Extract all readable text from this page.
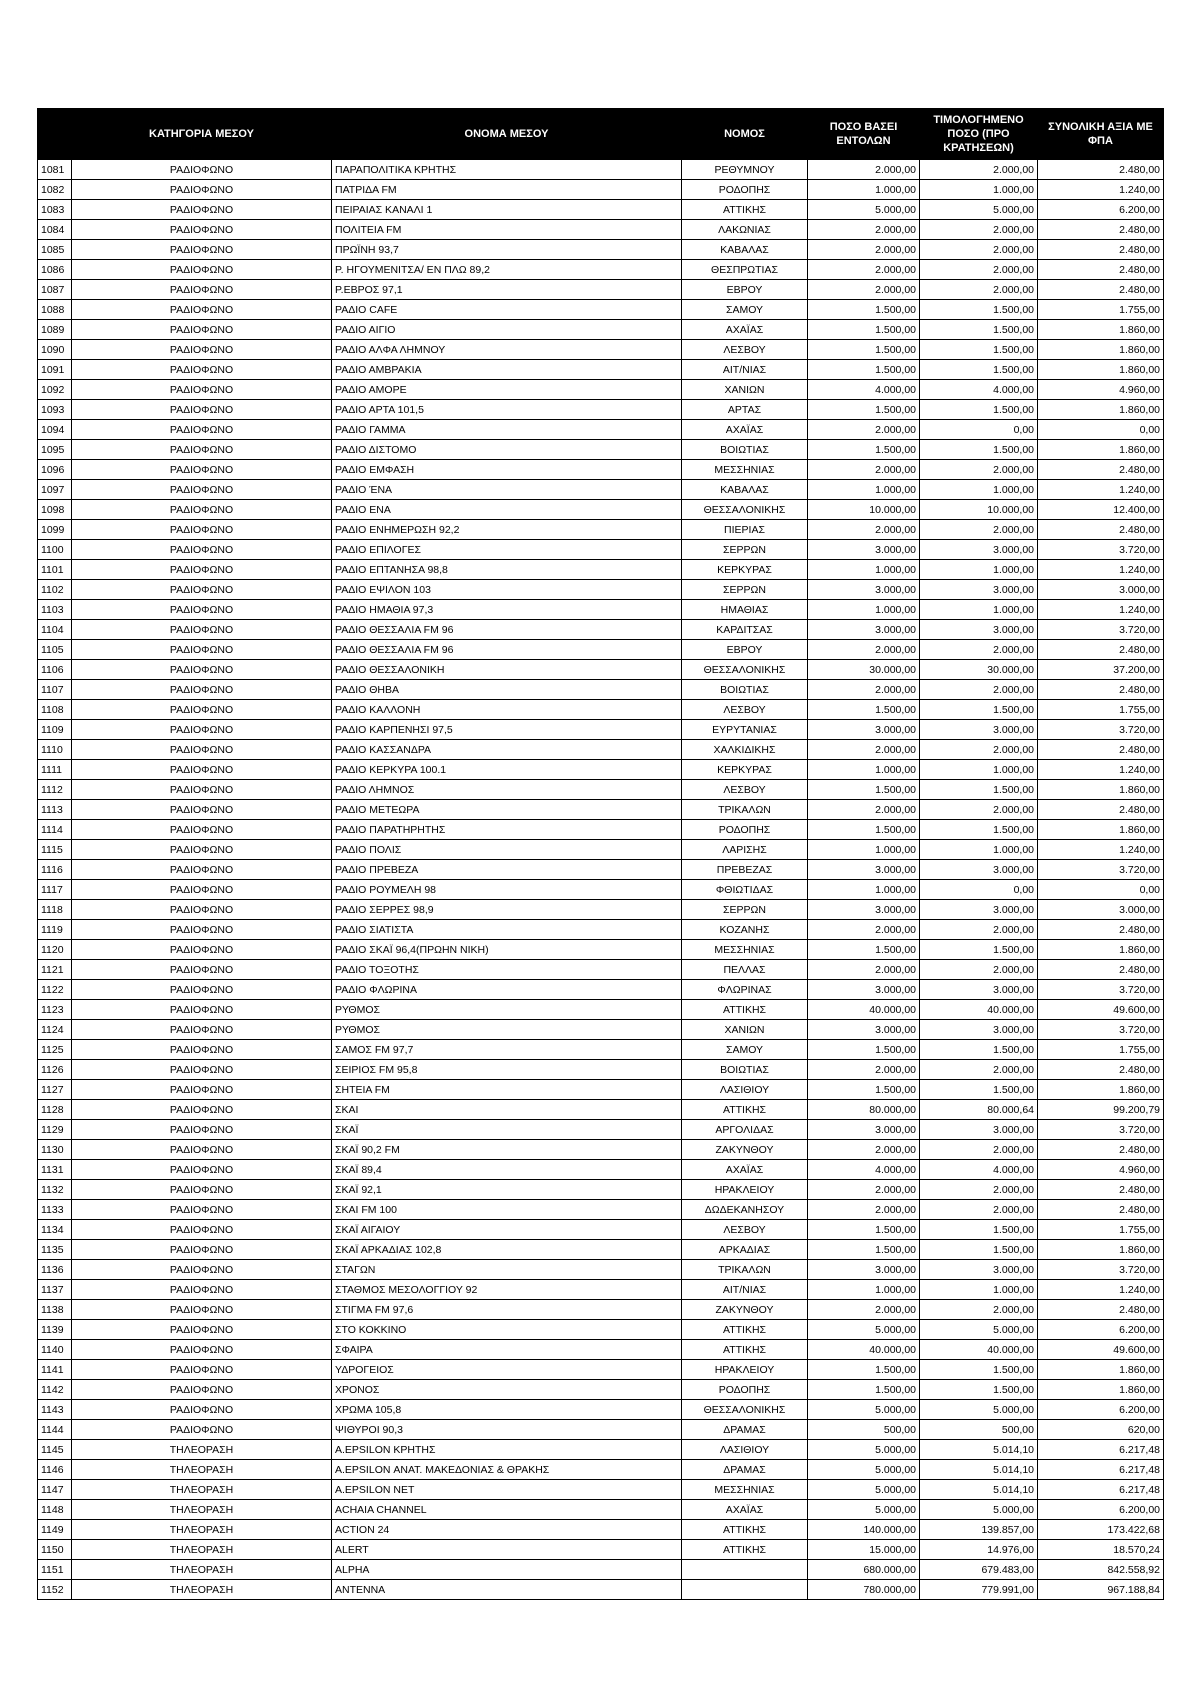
	ΚΑΤΗΓΟΡΙΑ ΜΕΣΟΥ	ΟΝΟΜΑ ΜΕΣΟΥ	ΝΟΜΟΣ	ΠΟΣΟ ΒΑΣΕΙ ΕΝΤΟΛΩΝ	ΤΙΜΟΛΟΓΗΜΕΝΟ ΠΟΣΟ (ΠΡΟ ΚΡΑΤΗΣΕΩΝ)	ΣΥΝΟΛΙΚΗ ΑΞΙΑ ΜΕ ΦΠΑ
1081	ΡΑΔΙΟΦΩΝΟ	ΠΑΡΑΠΟΛΙΤΙΚΑ ΚΡΗΤΗΣ	ΡΕΘΥΜΝΟΥ	2.000,00	2.000,00	2.480,00
1082	ΡΑΔΙΟΦΩΝΟ	ΠΑΤΡΙΔΑ FM	ΡΟΔΟΠΗΣ	1.000,00	1.000,00	1.240,00
1083	ΡΑΔΙΟΦΩΝΟ	ΠΕΙΡΑΙΑΣ ΚΑΝΑΛΙ 1	ΑΤΤΙΚΗΣ	5.000,00	5.000,00	6.200,00
1084	ΡΑΔΙΟΦΩΝΟ	ΠΟΛΙΤΕΙΑ FM	ΛΑΚΩΝΙΑΣ	2.000,00	2.000,00	2.480,00
1085	ΡΑΔΙΟΦΩΝΟ	ΠΡΩΪΝΗ 93,7	ΚΑΒΑΛΑΣ	2.000,00	2.000,00	2.480,00
1086	ΡΑΔΙΟΦΩΝΟ	Ρ. ΗΓΟΥΜΕΝΙΤΣΑ/ ΕΝ ΠΛΩ 89,2	ΘΕΣΠΡΩΤΙΑΣ	2.000,00	2.000,00	2.480,00
1087	ΡΑΔΙΟΦΩΝΟ	Ρ.ΕΒΡΟΣ 97,1	ΕΒΡΟΥ	2.000,00	2.000,00	2.480,00
1088	ΡΑΔΙΟΦΩΝΟ	ΡΑΔΙΟ CAFE	ΣΑΜΟΥ	1.500,00	1.500,00	1.755,00
1089	ΡΑΔΙΟΦΩΝΟ	ΡΑΔΙΟ ΑΙΓΙΟ	ΑΧΑΪΑΣ	1.500,00	1.500,00	1.860,00
1090	ΡΑΔΙΟΦΩΝΟ	ΡΑΔΙΟ ΑΛΦΑ ΛΗΜΝΟΥ	ΛΕΣΒΟΥ	1.500,00	1.500,00	1.860,00
1091	ΡΑΔΙΟΦΩΝΟ	ΡΑΔΙΟ ΑΜΒΡΑΚΙΑ	ΑΙΤ/ΝΙΑΣ	1.500,00	1.500,00	1.860,00
1092	ΡΑΔΙΟΦΩΝΟ	ΡΑΔΙΟ ΑΜΟΡΕ	ΧΑΝΙΩΝ	4.000,00	4.000,00	4.960,00
1093	ΡΑΔΙΟΦΩΝΟ	ΡΑΔΙΟ ΑΡΤΑ 101,5	ΑΡΤΑΣ	1.500,00	1.500,00	1.860,00
1094	ΡΑΔΙΟΦΩΝΟ	ΡΑΔΙΟ ΓΑΜΜΑ	ΑΧΑΪΑΣ	2.000,00	0,00	0,00
1095	ΡΑΔΙΟΦΩΝΟ	ΡΑΔΙΟ ΔΙΣΤΟΜΟ	ΒΟΙΩΤΙΑΣ	1.500,00	1.500,00	1.860,00
1096	ΡΑΔΙΟΦΩΝΟ	ΡΑΔΙΟ ΕΜΦΑΣΗ	ΜΕΣΣΗΝΙΑΣ	2.000,00	2.000,00	2.480,00
1097	ΡΑΔΙΟΦΩΝΟ	ΡΑΔΙΟ ΈΝΑ	ΚΑΒΑΛΑΣ	1.000,00	1.000,00	1.240,00
1098	ΡΑΔΙΟΦΩΝΟ	ΡΑΔΙΟ ΕΝΑ	ΘΕΣΣΑΛΟΝΙΚΗΣ	10.000,00	10.000,00	12.400,00
1099	ΡΑΔΙΟΦΩΝΟ	ΡΑΔΙΟ ΕΝΗΜΕΡΩΣΗ 92,2	ΠΙΕΡΙΑΣ	2.000,00	2.000,00	2.480,00
1100	ΡΑΔΙΟΦΩΝΟ	ΡΑΔΙΟ ΕΠΙΛΟΓΕΣ	ΣΕΡΡΩΝ	3.000,00	3.000,00	3.720,00
1101	ΡΑΔΙΟΦΩΝΟ	ΡΑΔΙΟ ΕΠΤΑΝΗΣΑ 98,8	ΚΕΡΚΥΡΑΣ	1.000,00	1.000,00	1.240,00
1102	ΡΑΔΙΟΦΩΝΟ	ΡΑΔΙΟ ΕΨΙΛΟΝ 103	ΣΕΡΡΩΝ	3.000,00	3.000,00	3.000,00
1103	ΡΑΔΙΟΦΩΝΟ	ΡΑΔΙΟ ΗΜΑΘΙΑ 97,3	ΗΜΑΘΙΑΣ	1.000,00	1.000,00	1.240,00
1104	ΡΑΔΙΟΦΩΝΟ	ΡΑΔΙΟ ΘΕΣΣΑΛΙΑ FM 96	ΚΑΡΔΙΤΣΑΣ	3.000,00	3.000,00	3.720,00
1105	ΡΑΔΙΟΦΩΝΟ	ΡΑΔΙΟ ΘΕΣΣΑΛΙΑ FM 96	ΕΒΡΟΥ	2.000,00	2.000,00	2.480,00
1106	ΡΑΔΙΟΦΩΝΟ	ΡΑΔΙΟ ΘΕΣΣΑΛΟΝΙΚΗ	ΘΕΣΣΑΛΟΝΙΚΗΣ	30.000,00	30.000,00	37.200,00
1107	ΡΑΔΙΟΦΩΝΟ	ΡΑΔΙΟ ΘΗΒΑ	ΒΟΙΩΤΙΑΣ	2.000,00	2.000,00	2.480,00
1108	ΡΑΔΙΟΦΩΝΟ	ΡΑΔΙΟ ΚΑΛΛΟΝΗ	ΛΕΣΒΟΥ	1.500,00	1.500,00	1.755,00
1109	ΡΑΔΙΟΦΩΝΟ	ΡΑΔΙΟ ΚΑΡΠΕΝΗΣΙ 97,5	ΕΥΡΥΤΑΝΙΑΣ	3.000,00	3.000,00	3.720,00
1110	ΡΑΔΙΟΦΩΝΟ	ΡΑΔΙΟ ΚΑΣΣΑΝΔΡΑ	ΧΑΛΚΙΔΙΚΗΣ	2.000,00	2.000,00	2.480,00
1111	ΡΑΔΙΟΦΩΝΟ	ΡΑΔΙΟ ΚΕΡΚΥΡΑ 100.1	ΚΕΡΚΥΡΑΣ	1.000,00	1.000,00	1.240,00
1112	ΡΑΔΙΟΦΩΝΟ	ΡΑΔΙΟ ΛΗΜΝΟΣ	ΛΕΣΒΟΥ	1.500,00	1.500,00	1.860,00
1113	ΡΑΔΙΟΦΩΝΟ	ΡΑΔΙΟ ΜΕΤΕΩΡΑ	ΤΡΙΚΑΛΩΝ	2.000,00	2.000,00	2.480,00
1114	ΡΑΔΙΟΦΩΝΟ	ΡΑΔΙΟ ΠΑΡΑΤΗΡΗΤΗΣ	ΡΟΔΟΠΗΣ	1.500,00	1.500,00	1.860,00
1115	ΡΑΔΙΟΦΩΝΟ	ΡΑΔΙΟ ΠΟΛΙΣ	ΛΑΡΙΣΗΣ	1.000,00	1.000,00	1.240,00
1116	ΡΑΔΙΟΦΩΝΟ	ΡΑΔΙΟ ΠΡΕΒΕΖΑ	ΠΡΕΒΕΖΑΣ	3.000,00	3.000,00	3.720,00
1117	ΡΑΔΙΟΦΩΝΟ	ΡΑΔΙΟ ΡΟΥΜΕΛΗ 98	ΦΘΙΩΤΙΔΑΣ	1.000,00	0,00	0,00
1118	ΡΑΔΙΟΦΩΝΟ	ΡΑΔΙΟ ΣΕΡΡΕΣ 98,9	ΣΕΡΡΩΝ	3.000,00	3.000,00	3.000,00
1119	ΡΑΔΙΟΦΩΝΟ	ΡΑΔΙΟ ΣΙΑΤΙΣΤΑ	ΚΟΖΑΝΗΣ	2.000,00	2.000,00	2.480,00
1120	ΡΑΔΙΟΦΩΝΟ	ΡΑΔΙΟ ΣΚΑΪ 96,4(ΠΡΩΗΝ ΝΙΚΗ)	ΜΕΣΣΗΝΙΑΣ	1.500,00	1.500,00	1.860,00
1121	ΡΑΔΙΟΦΩΝΟ	ΡΑΔΙΟ ΤΟΞΟΤΗΣ	ΠΕΛΛΑΣ	2.000,00	2.000,00	2.480,00
1122	ΡΑΔΙΟΦΩΝΟ	ΡΑΔΙΟ ΦΛΩΡΙΝΑ	ΦΛΩΡΙΝΑΣ	3.000,00	3.000,00	3.720,00
1123	ΡΑΔΙΟΦΩΝΟ	ΡΥΘΜΟΣ	ΑΤΤΙΚΗΣ	40.000,00	40.000,00	49.600,00
1124	ΡΑΔΙΟΦΩΝΟ	ΡΥΘΜΟΣ	ΧΑΝΙΩΝ	3.000,00	3.000,00	3.720,00
1125	ΡΑΔΙΟΦΩΝΟ	ΣΑΜΟΣ FM 97,7	ΣΑΜΟΥ	1.500,00	1.500,00	1.755,00
1126	ΡΑΔΙΟΦΩΝΟ	ΣΕΙΡΙΟΣ FM 95,8	ΒΟΙΩΤΙΑΣ	2.000,00	2.000,00	2.480,00
1127	ΡΑΔΙΟΦΩΝΟ	ΣΗΤΕΙΑ FM	ΛΑΣΙΘΙΟΥ	1.500,00	1.500,00	1.860,00
1128	ΡΑΔΙΟΦΩΝΟ	ΣΚΑΙ	ΑΤΤΙΚΗΣ	80.000,00	80.000,64	99.200,79
1129	ΡΑΔΙΟΦΩΝΟ	ΣΚΑΪ	ΑΡΓΟΛΙΔΑΣ	3.000,00	3.000,00	3.720,00
1130	ΡΑΔΙΟΦΩΝΟ	ΣΚΑΪ 90,2 FM	ΖΑΚΥΝΘΟΥ	2.000,00	2.000,00	2.480,00
1131	ΡΑΔΙΟΦΩΝΟ	ΣΚΑΪ 89,4	ΑΧΑΪΑΣ	4.000,00	4.000,00	4.960,00
1132	ΡΑΔΙΟΦΩΝΟ	ΣΚΑΪ 92,1	ΗΡΑΚΛΕΙΟΥ	2.000,00	2.000,00	2.480,00
1133	ΡΑΔΙΟΦΩΝΟ	ΣΚΑΙ FM 100	ΔΩΔΕΚΑΝΗΣΟΥ	2.000,00	2.000,00	2.480,00
1134	ΡΑΔΙΟΦΩΝΟ	ΣΚΑΪ ΑΙΓΑΙΟΥ	ΛΕΣΒΟΥ	1.500,00	1.500,00	1.755,00
1135	ΡΑΔΙΟΦΩΝΟ	ΣΚΑΪ ΑΡΚΑΔΙΑΣ 102,8	ΑΡΚΑΔΙΑΣ	1.500,00	1.500,00	1.860,00
1136	ΡΑΔΙΟΦΩΝΟ	ΣΤΑΓΩΝ	ΤΡΙΚΑΛΩΝ	3.000,00	3.000,00	3.720,00
1137	ΡΑΔΙΟΦΩΝΟ	ΣΤΑΘΜΟΣ ΜΕΣΟΛΟΓΓΙΟΥ 92	ΑΙΤ/ΝΙΑΣ	1.000,00	1.000,00	1.240,00
1138	ΡΑΔΙΟΦΩΝΟ	ΣΤΙΓΜΑ FM 97,6	ΖΑΚΥΝΘΟΥ	2.000,00	2.000,00	2.480,00
1139	ΡΑΔΙΟΦΩΝΟ	ΣΤΟ ΚΟΚΚΙΝΟ	ΑΤΤΙΚΗΣ	5.000,00	5.000,00	6.200,00
1140	ΡΑΔΙΟΦΩΝΟ	ΣΦΑΙΡΑ	ΑΤΤΙΚΗΣ	40.000,00	40.000,00	49.600,00
1141	ΡΑΔΙΟΦΩΝΟ	ΥΔΡΟΓΕΙΟΣ	ΗΡΑΚΛΕΙΟΥ	1.500,00	1.500,00	1.860,00
1142	ΡΑΔΙΟΦΩΝΟ	ΧΡΟΝΟΣ	ΡΟΔΟΠΗΣ	1.500,00	1.500,00	1.860,00
1143	ΡΑΔΙΟΦΩΝΟ	ΧΡΩΜΑ 105,8	ΘΕΣΣΑΛΟΝΙΚΗΣ	5.000,00	5.000,00	6.200,00
1144	ΡΑΔΙΟΦΩΝΟ	ΨΙΘΥΡΟΙ 90,3	ΔΡΑΜΑΣ	500,00	500,00	620,00
1145	ΤΗΛΕΟΡΑΣΗ	A.EPSILON ΚΡΗΤΗΣ	ΛΑΣΙΘΙΟΥ	5.000,00	5.014,10	6.217,48
1146	ΤΗΛΕΟΡΑΣΗ	A.EPSILON ΑΝΑΤ. ΜΑΚΕΔΟΝΙΑΣ & ΘΡΑΚΗΣ	ΔΡΑΜΑΣ	5.000,00	5.014,10	6.217,48
1147	ΤΗΛΕΟΡΑΣΗ	A.EPSILON NET	ΜΕΣΣΗΝΙΑΣ	5.000,00	5.014,10	6.217,48
1148	ΤΗΛΕΟΡΑΣΗ	ACHAIA CHANNEL	ΑΧΑΪΑΣ	5.000,00	5.000,00	6.200,00
1149	ΤΗΛΕΟΡΑΣΗ	ACTION 24	ΑΤΤΙΚΗΣ	140.000,00	139.857,00	173.422,68
1150	ΤΗΛΕΟΡΑΣΗ	ALERT	ΑΤΤΙΚΗΣ	15.000,00	14.976,00	18.570,24
1151	ΤΗΛΕΟΡΑΣΗ	ALPHA		680.000,00	679.483,00	842.558,92
1152	ΤΗΛΕΟΡΑΣΗ	ANTENNA		780.000,00	779.991,00	967.188,84
